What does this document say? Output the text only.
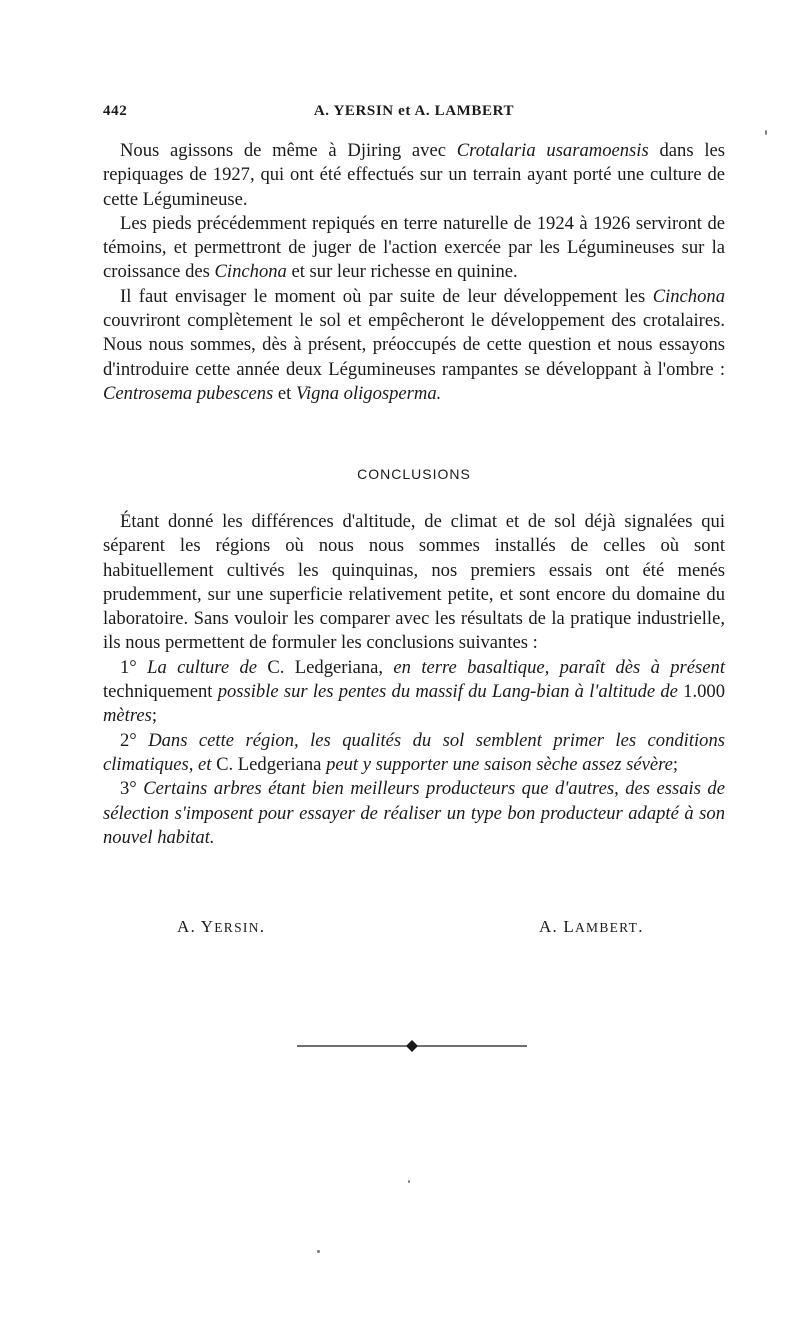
442	A. YERSIN et A. LAMBERT

Nous agissons de même à Djiring avec Crotalaria usaramoensis dans les repiquages de 1927, qui ont été effectués sur un terrain ayant porté une culture de cette Légumineuse.

Les pieds précédemment repiqués en terre naturelle de 1924 à 1926 serviront de témoins, et permettront de juger de l'action exercée par les Légumineuses sur la croissance des Cinchona et sur leur richesse en quinine.

Il faut envisager le moment où par suite de leur développement les Cinchona couvriront complètement le sol et empêcheront le développement des crotalaires. Nous nous sommes, dès à présent, préoccupés de cette question et nous essayons d'introduire cette année deux Légumineuses rampantes se développant à l'ombre : Centrosema pubescens et Vigna oligosperma.

CONCLUSIONS

Étant donné les différences d'altitude, de climat et de sol déjà signalées qui séparent les régions où nous nous sommes installés de celles où sont habituellement cultivés les quinquinas, nos premiers essais ont été menés prudemment, sur une superficie relativement petite, et sont encore du domaine du laboratoire. Sans vouloir les comparer avec les résultats de la pratique industrielle, ils nous permettent de formuler les conclusions suivantes :

1° La culture de C. Ledgeriana, en terre basaltique, paraît dès à présent techniquement possible sur les pentes du massif du Lang-bian à l'altitude de 1.000 mètres;

2° Dans cette région, les qualités du sol semblent primer les conditions climatiques, et C. Ledgeriana peut y supporter une saison sèche assez sévère;

3° Certains arbres étant bien meilleurs producteurs que d'autres, des essais de sélection s'imposent pour essayer de réaliser un type bon producteur adapté à son nouvel habitat.

A. YERSIN.	A. LAMBERT.
